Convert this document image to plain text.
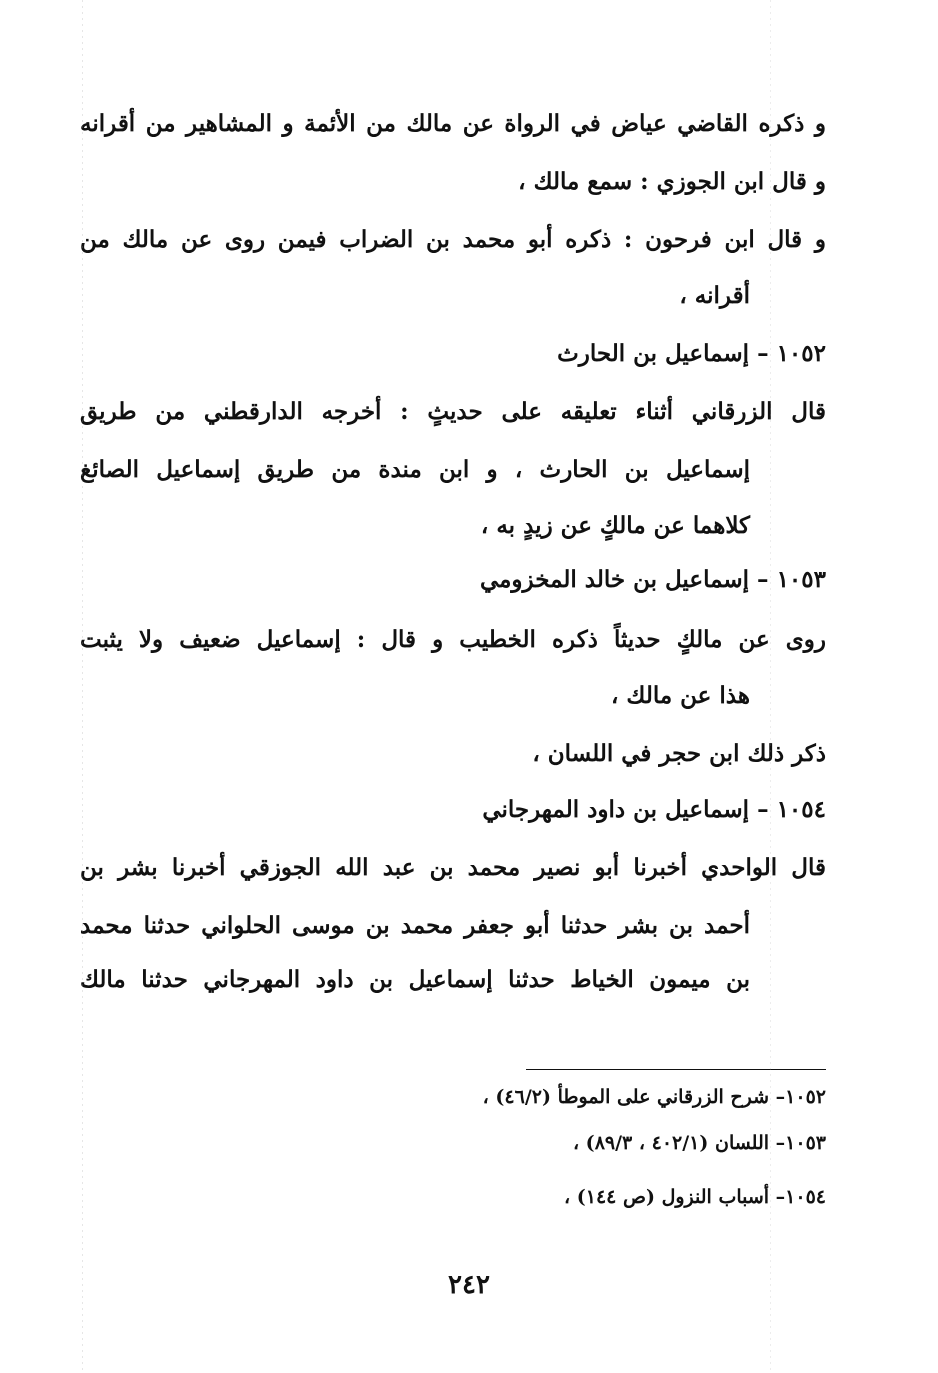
و ذكره القاضي عياض في الرواة عن مالك من الأئمة و المشاهير من أقرانه
و قال ابن الجوزي : سمع مالك ،
و قال ابن فرحون : ذكره أبو محمد بن الضراب فيمن روى عن مالك من
أقرانه ،
١٠٥٢ – إسماعيل بن الحارث
قال الزرقاني أثناء تعليقه على حديثٍ : أخرجه الدارقطني من طريق
إسماعيل بن الحارث ، و ابن مندة من طريق إسماعيل الصائغ
كلاهما عن مالكٍ عن زيدٍ به ،
١٠٥٣ – إسماعيل بن خالد المخزومي
روى عن مالكٍ حديثاً ذكره الخطيب و قال : إسماعيل ضعيف ولا يثبت
هذا عن مالك ،
ذكر ذلك ابن حجر في اللسان ،
١٠٥٤ – إسماعيل بن داود المهرجاني
قال الواحدي أخبرنا أبو نصير محمد بن عبد الله الجوزقي أخبرنا بشر بن
أحمد بن بشر حدثنا أبو جعفر محمد بن موسى الحلواني حدثنا محمد
بن ميمون الخياط حدثنا إسماعيل بن داود المهرجاني حدثنا مالك
١٠٥٢– شرح الزرقاني على الموطأ (٤٦/٢) ،
١٠٥٣– اللسان (٤٠٢/١ ، ٨٩/٣) ،
١٠٥٤– أسباب النزول (ص ١٤٤) ،
٢٤٢
